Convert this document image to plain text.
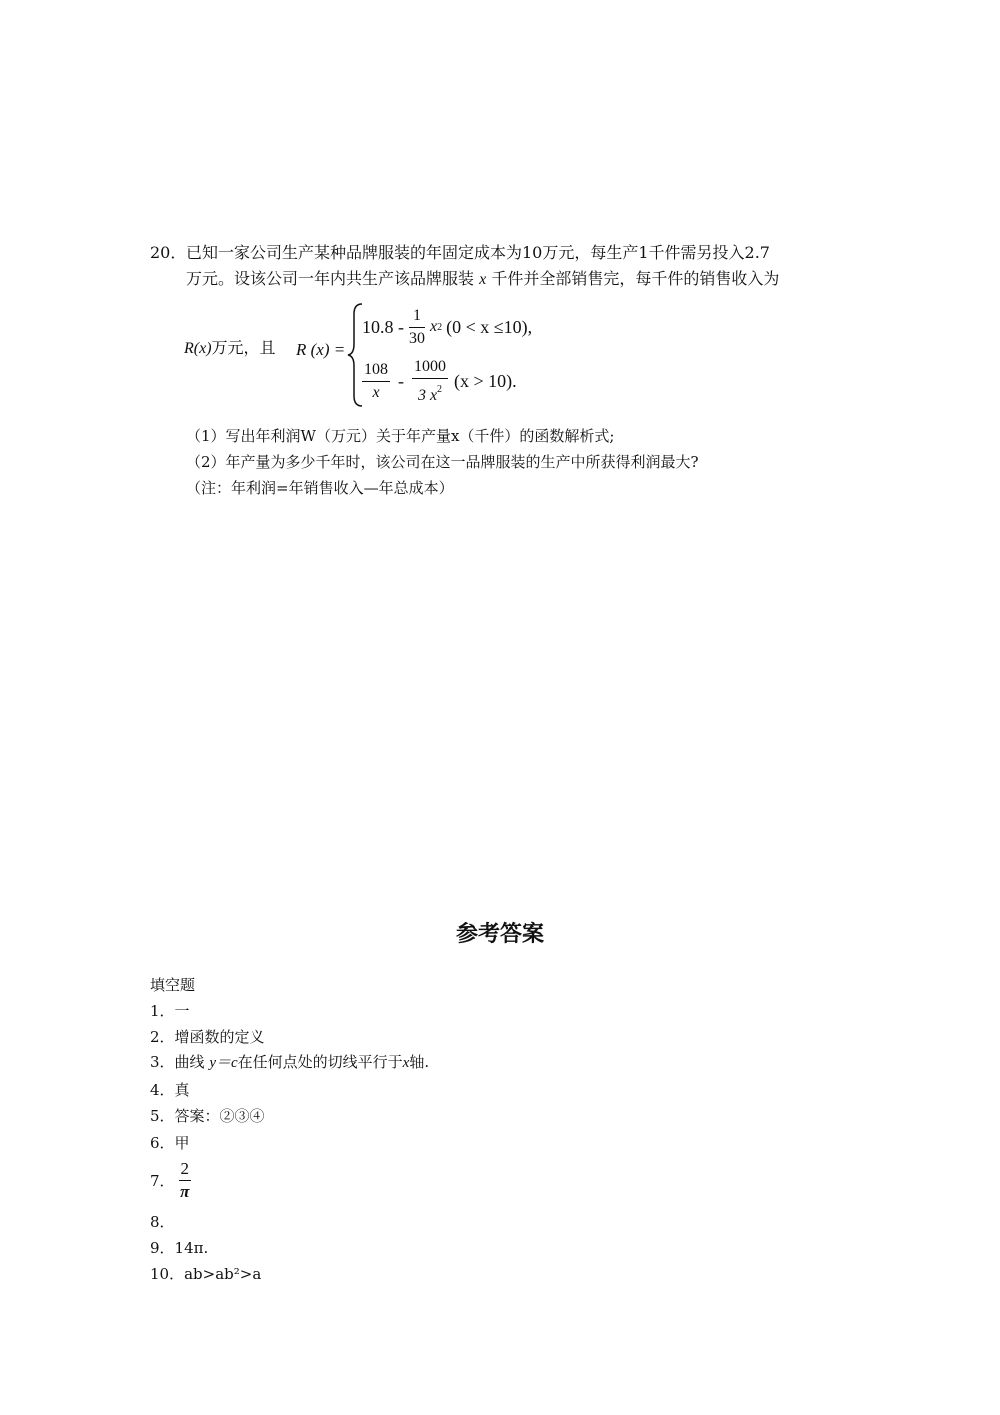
20． 已知一家公司生产某种品牌服装的年固定成本为10万元，每生产1千件需另投入2.7
万元。设该公司一年内共生产该品牌服装 x 千件并全部销售完，每千件的销售收入为
R(x)万元，且 R (x) =
$10.8 - \frac{1}{30}$ x 2 (0 < x ≤10),
$\frac{108}{x} - \frac{1000}{3 x^2} (x > 10)$.
（1）写出年利润W（万元）关于年产量x（千件）的函数解析式;
（2）年产量为多少千年时，该公司在这一品牌服装的生产中所获得利润最大?
（注：年利润=年销售收入—年总成本）
参考答案
填空题
1．一
2．增函数的定义
3．曲线 y＝c在任何点处的切线平行于x轴.
4．真
5．答案：②③④
6．甲
7． $\frac{2}{\pi}$
8．
9．14π.
10．ab>ab²>a
